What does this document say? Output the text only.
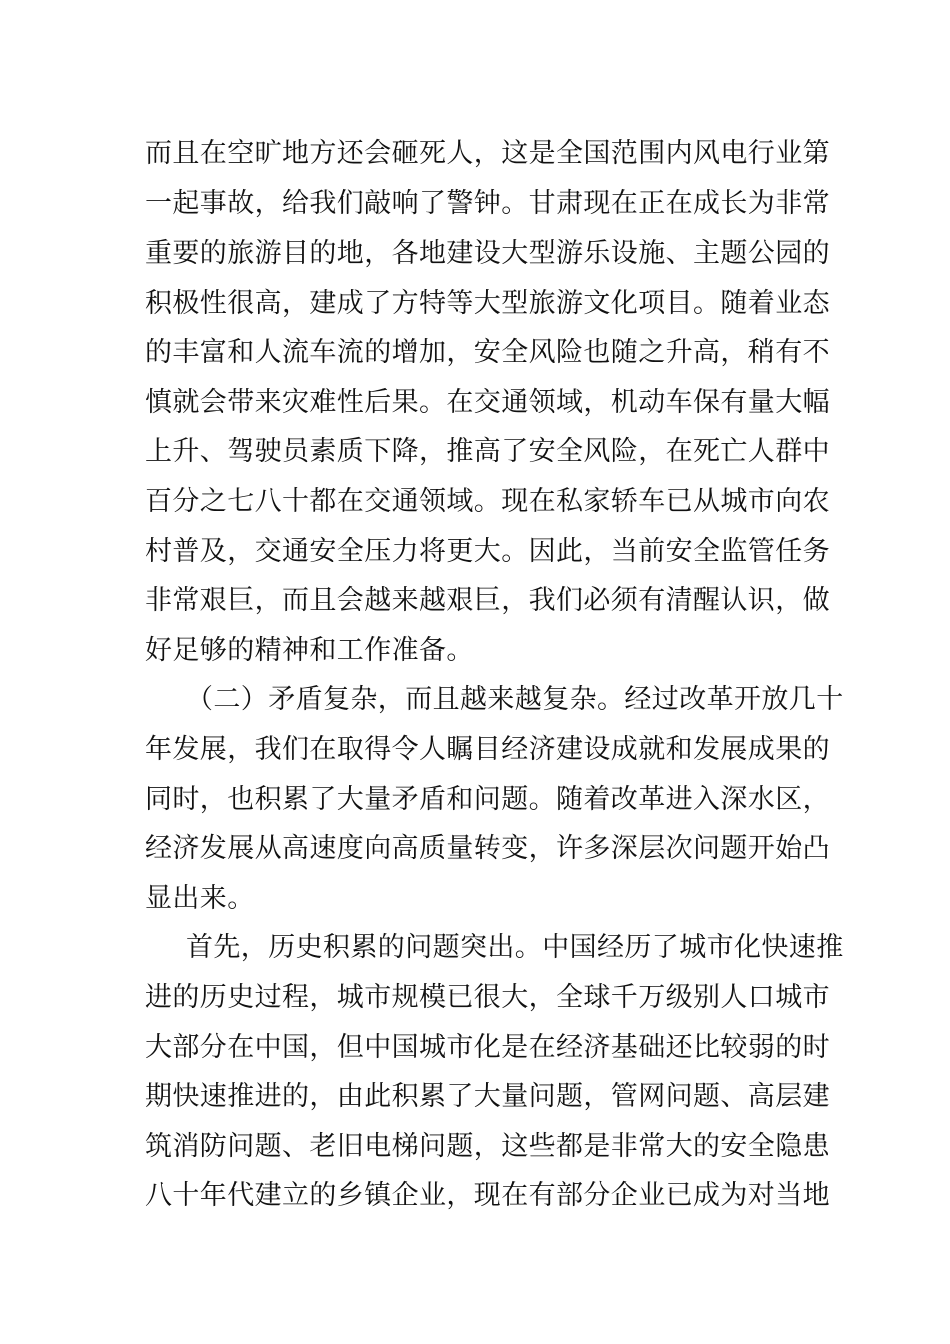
而且在空旷地方还会砸死人，这是全国范围内风电行业第
一起事故，给我们敲响了警钟。甘肃现在正在成长为非常
重要的旅游目的地，各地建设大型游乐设施、主题公园的
积极性很高，建成了方特等大型旅游文化项目。随着业态
的丰富和人流车流的增加，安全风险也随之升高，稍有不
慎就会带来灾难性后果。在交通领域，机动车保有量大幅
上升、驾驶员素质下降，推高了安全风险，在死亡人群中
百分之七八十都在交通领域。现在私家轿车已从城市向农
村普及，交通安全压力将更大。因此，当前安全监管任务
非常艰巨，而且会越来越艰巨，我们必须有清醒认识，做
好足够的精神和工作准备。
（二）矛盾复杂，而且越来越复杂。经过改革开放几十
年发展，我们在取得令人瞩目经济建设成就和发展成果的
同时，也积累了大量矛盾和问题。随着改革进入深水区，
经济发展从高速度向高质量转变，许多深层次问题开始凸
显出来。
首先，历史积累的问题突出。中国经历了城市化快速推
进的历史过程，城市规模已很大，全球千万级别人口城市
大部分在中国，但中国城市化是在经济基础还比较弱的时
期快速推进的，由此积累了大量问题，管网问题、高层建
筑消防问题、老旧电梯问题，这些都是非常大的安全隐患
八十年代建立的乡镇企业，现在有部分企业已成为对当地
